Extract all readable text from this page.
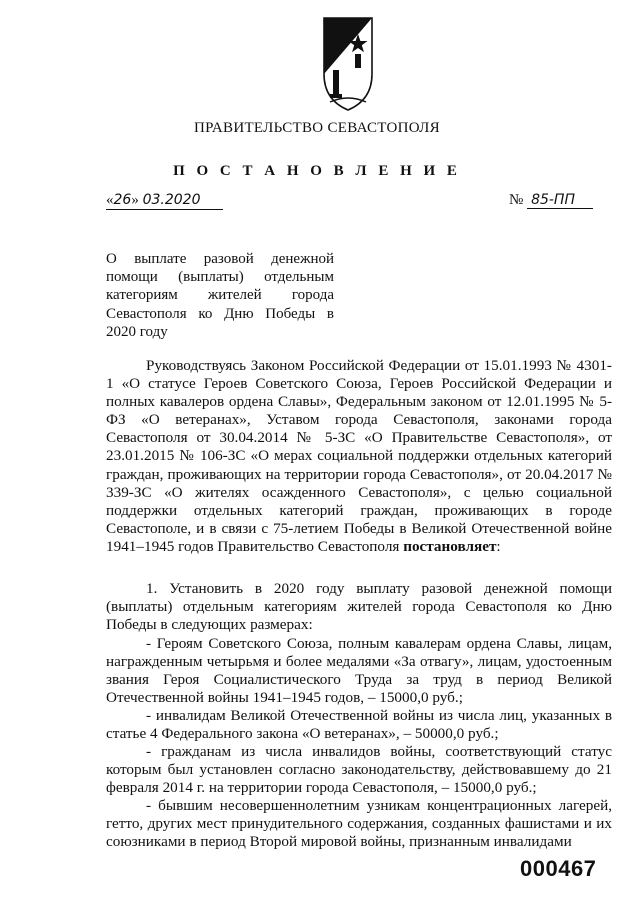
ПРАВИТЕЛЬСТВО СЕВАСТОПОЛЯ
П О С Т А Н О В Л Е Н И Е
«26» 03.2020	№ 85-ПП
О выплате разовой денежной помощи (выплаты) отдельным категориям жителей города Севастополя ко Дню Победы в 2020 году
Руководствуясь Законом Российской Федерации от 15.01.1993 № 4301-1 «О статусе Героев Советского Союза, Героев Российской Федерации и полных кавалеров ордена Славы», Федеральным законом от 12.01.1995 № 5-ФЗ «О ветеранах», Уставом города Севастополя, законами города Севастополя от 30.04.2014 № 5-ЗС «О Правительстве Севастополя», от 23.01.2015 № 106-ЗС «О мерах социальной поддержки отдельных категорий граждан, проживающих на территории города Севастополя», от 20.04.2017 № 339-ЗС «О жителях осажденного Севастополя», с целью социальной поддержки отдельных категорий граждан, проживающих в городе Севастополе, и в связи с 75-летием Победы в Великой Отечественной войне 1941–1945 годов Правительство Севастополя постановляет:
1. Установить в 2020 году выплату разовой денежной помощи (выплаты) отдельным категориям жителей города Севастополя ко Дню Победы в следующих размерах:
- Героям Советского Союза, полным кавалерам ордена Славы, лицам, награжденным четырьмя и более медалями «За отвагу», лицам, удостоенным звания Героя Социалистического Труда за труд в период Великой Отечественной войны 1941–1945 годов, – 15000,0 руб.;
- инвалидам Великой Отечественной войны из числа лиц, указанных в статье 4 Федерального закона «О ветеранах», – 50000,0 руб.;
- гражданам из числа инвалидов войны, соответствующий статус которым был установлен согласно законодательству, действовавшему до 21 февраля 2014 г. на территории города Севастополя, – 15000,0 руб.;
- бывшим несовершеннолетним узникам концентрационных лагерей, гетто, других мест принудительного содержания, созданных фашистами и их союзниками в период Второй мировой войны, признанным инвалидами
000467
